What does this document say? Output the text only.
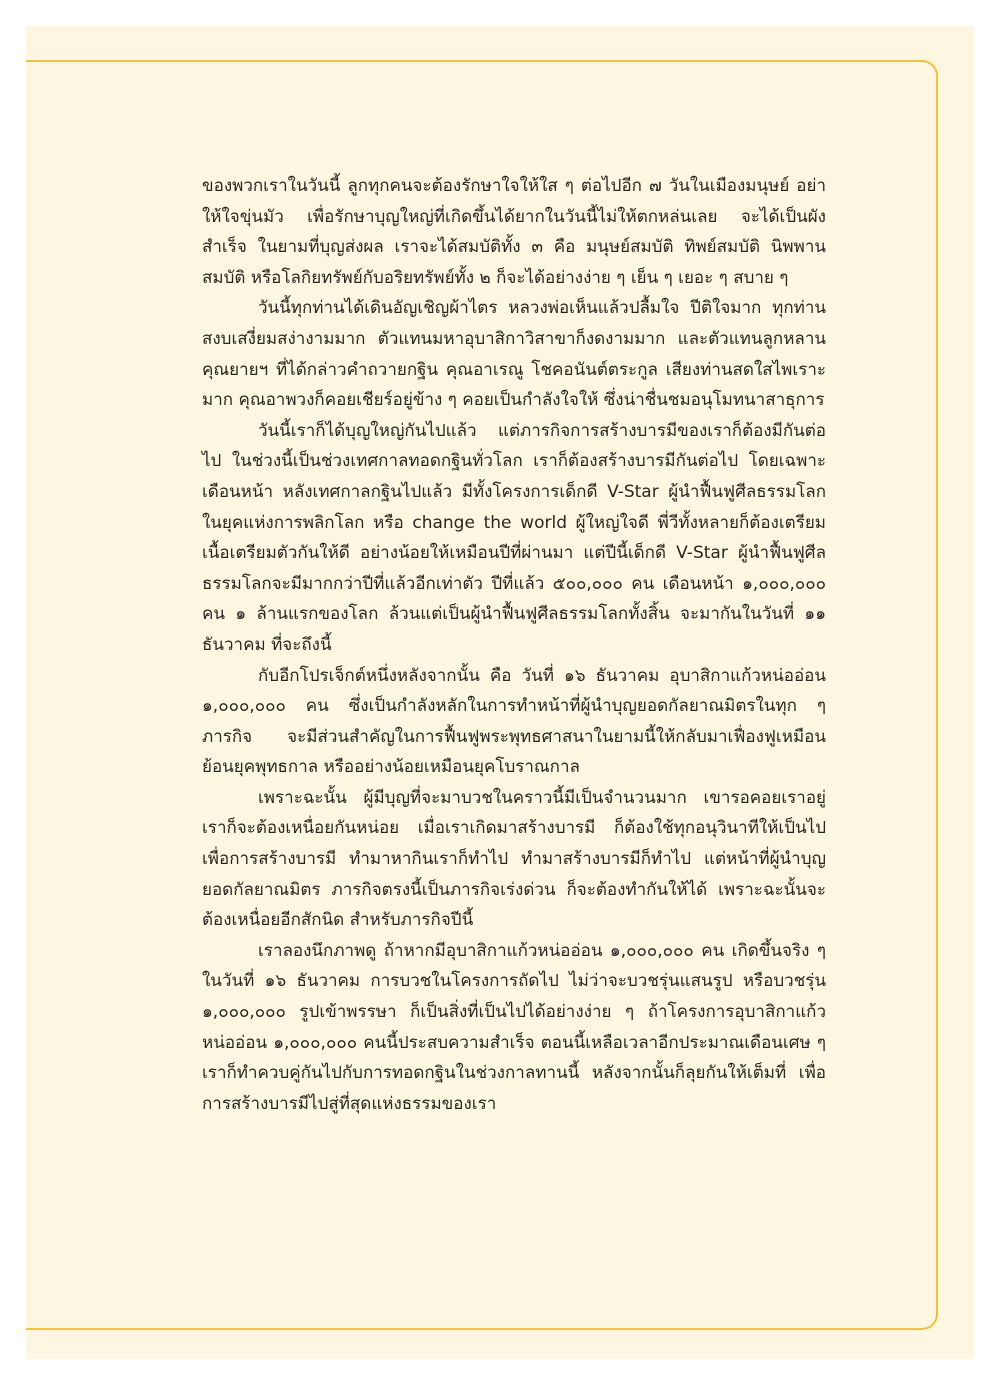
ของพวกเราในวันนี้ ลูกทุกคนจะต้องรักษาใจให้ใส ๆ ต่อไปอีก ๗ วันในเมืองมนุษย์ อย่าให้ใจขุ่นมัว เพื่อรักษาบุญใหญ่ที่เกิดขึ้นได้ยากในวันนี้ไม่ให้ตกหล่นเลย จะได้เป็นผังสำเร็จ ในยามที่บุญส่งผล เราจะได้สมบัติทั้ง ๓ คือ มนุษย์สมบัติ ทิพย์สมบัติ นิพพานสมบัติ หรือโลกิยทรัพย์กับอริยทรัพย์ทั้ง ๒ ก็จะได้อย่างง่าย ๆ เย็น ๆ เยอะ ๆ สบาย ๆ

วันนี้ทุกท่านได้เดินอัญเชิญผ้าไตร หลวงพ่อเห็นแล้วปลื้มใจ ปีติใจมาก ทุกท่านสงบเสงี่ยมสง่างามมาก ตัวแทนมหาอุบาสิกาวิสาขาก็งดงามมาก และตัวแทนลูกหลานคุณยายฯ ที่ได้กล่าวคำถวายกฐิน คุณอาเรณู โชคอนันต์ตระกูล เสียงท่านสดใสไพเราะมาก คุณอาพวงก็คอยเชียร์อยู่ข้าง ๆ คอยเป็นกำลังใจให้ ซึ่งน่าชื่นชมอนุโมทนาสาธุการ

วันนี้เราก็ได้บุญใหญ่กันไปแล้ว แต่ภารกิจการสร้างบารมีของเราก็ต้องมีกันต่อไป ในช่วงนี้เป็นช่วงเทศกาลทอดกฐินทั่วโลก เราก็ต้องสร้างบารมีกันต่อไป โดยเฉพาะเดือนหน้า หลังเทศกาลกฐินไปแล้ว มีทั้งโครงการเด็กดี V-Star ผู้นำฟื้นฟูศีลธรรมโลก ในยุคแห่งการพลิกโลก หรือ change the world ผู้ใหญ่ใจดี พี่วีทั้งหลายก็ต้องเตรียมเนื้อเตรียมตัวกันให้ดี อย่างน้อยให้เหมือนปีที่ผ่านมา แต่ปีนี้เด็กดี V-Star ผู้นำฟื้นฟูศีลธรรมโลกจะมีมากกว่าปีที่แล้วอีกเท่าตัว ปีที่แล้ว ๕๐๐,๐๐๐ คน เดือนหน้า ๑,๐๐๐,๐๐๐ คน ๑ ล้านแรกของโลก ล้วนแต่เป็นผู้นำฟื้นฟูศีลธรรมโลกทั้งสิ้น จะมากันในวันที่ ๑๑ ธันวาคม ที่จะถึงนี้

กับอีกโปรเจ็กต์หนึ่งหลังจากนั้น คือ วันที่ ๑๖ ธันวาคม อุบาสิกาแก้วหน่ออ่อน ๑,๐๐๐,๐๐๐ คน ซึ่งเป็นกำลังหลักในการทำหน้าที่ผู้นำบุญยอดกัลยาณมิตรในทุก ๆ ภารกิจ จะมีส่วนสำคัญในการฟื้นฟูพระพุทธศาสนาในยามนี้ให้กลับมาเฟื่องฟูเหมือนย้อนยุคพุทธกาล หรืออย่างน้อยเหมือนยุคโบราณกาล

เพราะฉะนั้น ผู้มีบุญที่จะมาบวชในคราวนี้มีเป็นจำนวนมาก เขารอคอยเราอยู่ เราก็จะต้องเหนื่อยกันหน่อย เมื่อเราเกิดมาสร้างบารมี ก็ต้องใช้ทุกอนุวินาทีให้เป็นไปเพื่อการสร้างบารมี ทำมาหากินเราก็ทำไป ทำมาสร้างบารมีก็ทำไป แต่หน้าที่ผู้นำบุญยอดกัลยาณมิตร ภารกิจตรงนี้เป็นภารกิจเร่งด่วน ก็จะต้องทำกันให้ได้ เพราะฉะนั้นจะต้องเหนื่อยอีกสักนิด สำหรับภารกิจปีนี้

เราลองนึกภาพดู ถ้าหากมีอุบาสิกาแก้วหน่ออ่อน ๑,๐๐๐,๐๐๐ คน เกิดขึ้นจริง ๆ ในวันที่ ๑๖ ธันวาคม การบวชในโครงการถัดไป ไม่ว่าจะบวชรุ่นแสนรูป หรือบวชรุ่น ๑,๐๐๐,๐๐๐ รูปเข้าพรรษา ก็เป็นสิ่งที่เป็นไปได้อย่างง่าย ๆ ถ้าโครงการอุบาสิกาแก้วหน่ออ่อน ๑,๐๐๐,๐๐๐ คนนี้ประสบความสำเร็จ ตอนนี้เหลือเวลาอีกประมาณเดือนเศษ ๆ เราก็ทำควบคู่กันไปกับการทอดกฐินในช่วงกาลทานนี้ หลังจากนั้นก็ลุยกันให้เต็มที่ เพื่อการสร้างบารมีไปสู่ที่สุดแห่งธรรมของเรา
